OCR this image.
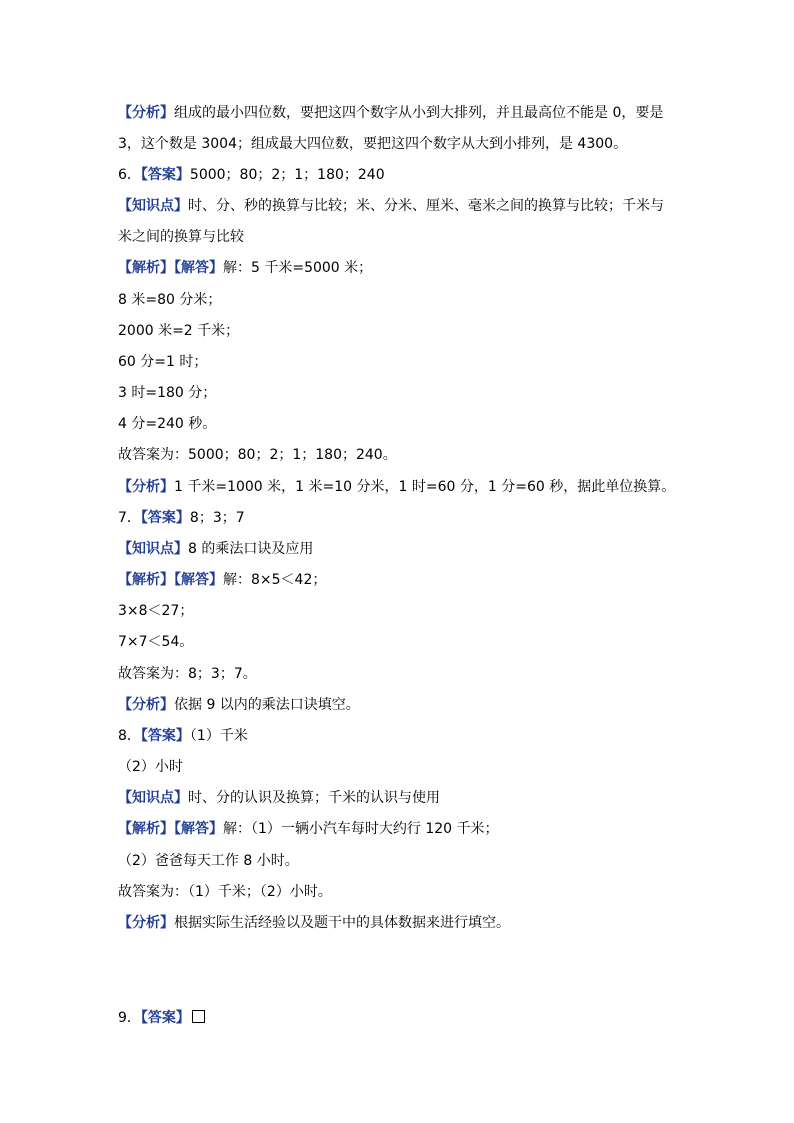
【分析】组成的最小四位数，要把这四个数字从小到大排列，并且最高位不能是 0，要是
3，这个数是 3004；组成最大四位数，要把这四个数字从大到小排列，是 4300。
6．【答案】5000；80；2；1；180；240
【知识点】时、分、秒的换算与比较；米、分米、厘米、毫米之间的换算与比较；千米与
米之间的换算与比较
【解析】【解答】解：5 千米=5000 米；
8 米=80 分米；
2000 米=2 千米；
60 分=1 时；
3 时=180 分；
4 分=240 秒。
故答案为：5000；80；2；1；180；240。
【分析】1 千米=1000 米，1 米=10 分米，1 时=60 分，1 分=60 秒，据此单位换算。
7．【答案】8；3；7
【知识点】8 的乘法口诀及应用
【解析】【解答】解：8×5＜42；
3×8＜27；
7×7＜54。
故答案为：8；3；7。
【分析】依据 9 以内的乘法口诀填空。
8．【答案】（1）千米
（2）小时
【知识点】时、分的认识及换算；千米的认识与使用
【解析】【解答】解：（1）一辆小汽车每时大约行 120 千米；
（2）爸爸每天工作 8 小时。
故答案为：（1）千米；（2）小时。
【分析】根据实际生活经验以及题干中的具体数据来进行填空。
9．【答案】
